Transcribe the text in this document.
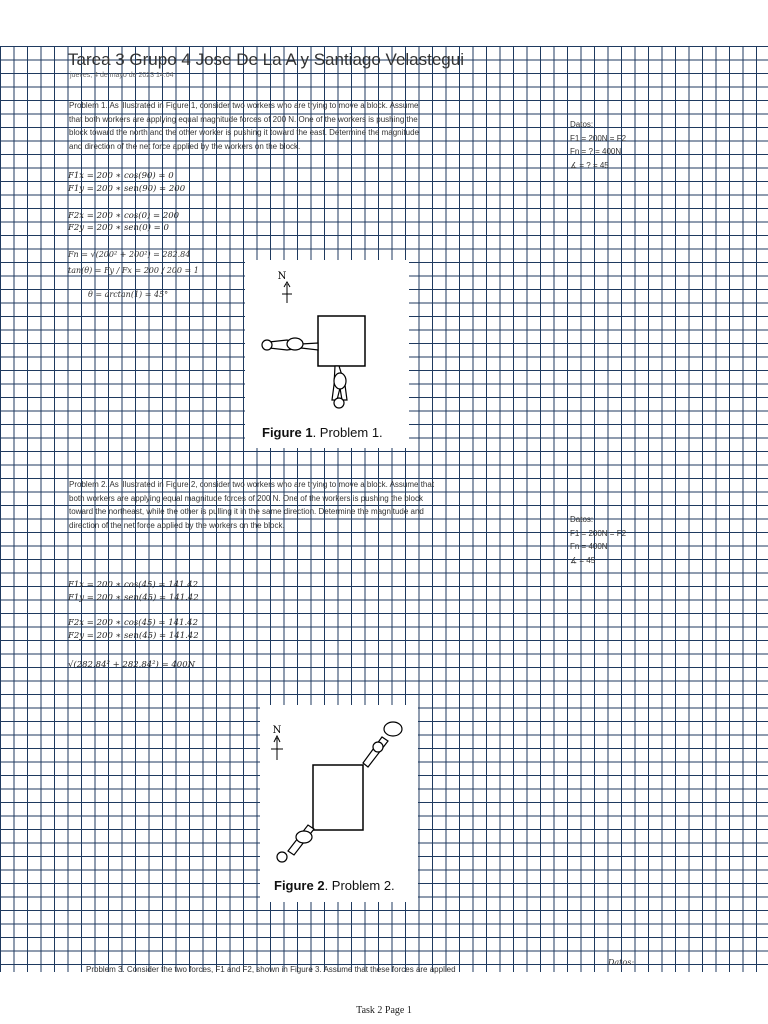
Tarea 3 Grupo 4 Jose De La A y Santiago Velastegui
jueves, 4 de mayo de 2023 14:04
Problem 1. As illustrated in Figure 1, consider two workers who are trying to move a block. Assume
that both workers are applying equal magnitude forces of 200 N. One of the workers is pushing the
block toward the north and the other worker is pushing it toward the east. Determine the magnitude
and direction of the net force applied by the workers on the block.
Datos:
F1 = 200N = F2
Fn = ? = 400N
∡ = ? = 45
F1x = 200 ∗ cos(90) = 0
F1y = 200 ∗ sen(90) = 200
F2x = 200 ∗ cos(0) = 200
F2y = 200 ∗ sen(0) = 0
Fn = √(200² + 200²) = 282.84
tan(θ) = Fy / Fx = 200 / 200 = 1
θ = arctan(1) = 45°
N
Figure 1. Problem 1.
Problem 2. As illustrated in Figure 2, consider two workers who are trying to move a block. Assume that
both workers are applying equal magnitude forces of 200 N. One of the workers is pushing the block
toward the northeast, while the other is pulling it in the same direction. Determine the magnitude and
direction of the net force applied by the workers on the block.
Datos:
F1 = 200N = F2
Fn = 400N
∡ = 45
F1x = 200 ∗ cos(45) = 141.42
F1y = 200 ∗ sen(45) = 141.42
F2x = 200 ∗ cos(45) = 141.42
F2y = 200 ∗ sen(45) = 141.42
√(282.84² + 282.84²) = 400N
N
Figure 2. Problem 2.
Problem 3. Consider the two forces, F1 and F2, shown in Figure 3. Assume that these forces are applied
Datos:
Task 2 Page 1
